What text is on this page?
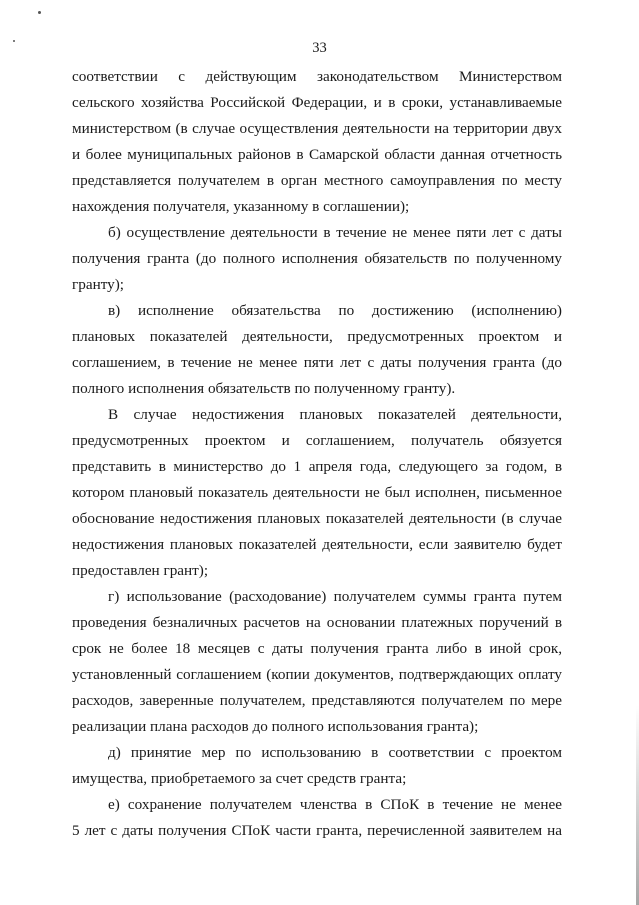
33

соответствии с действующим законодательством Министерством
сельского хозяйства Российской Федерации, и в сроки, устанавливаемые
министерством (в случае осуществления деятельности на территории двух
и более муниципальных районов в Самарской области данная отчетность
представляется получателем в орган местного самоуправления по месту
нахождения получателя, указанному в соглашении);

б) осуществление деятельности в течение не менее пяти лет с даты
получения гранта (до полного исполнения обязательств по полученному
гранту);

в) исполнение обязательства по достижению (исполнению)
плановых показателей деятельности, предусмотренных проектом и
соглашением, в течение не менее пяти лет с даты получения гранта (до
полного исполнения обязательств по полученному гранту).

В случае недостижения плановых показателей деятельности,
предусмотренных проектом и соглашением, получатель обязуется
представить в министерство до 1 апреля года, следующего за годом, в
котором плановый показатель деятельности не был исполнен, письменное
обоснование недостижения плановых показателей деятельности (в случае
недостижения плановых показателей деятельности, если заявителю будет
предоставлен грант);

г) использование (расходование) получателем суммы гранта путем
проведения безналичных расчетов на основании платежных поручений в
срок не более 18 месяцев с даты получения гранта либо в иной срок,
установленный соглашением (копии документов, подтверждающих оплату
расходов, заверенные получателем, представляются получателем по мере
реализации плана расходов до полного использования гранта);

д) принятие мер по использованию в соответствии с проектом
имущества, приобретаемого за счет средств гранта;

е) сохранение получателем членства в СПоК в течение не менее
5 лет с даты получения СПоК части гранта, перечисленной заявителем на
